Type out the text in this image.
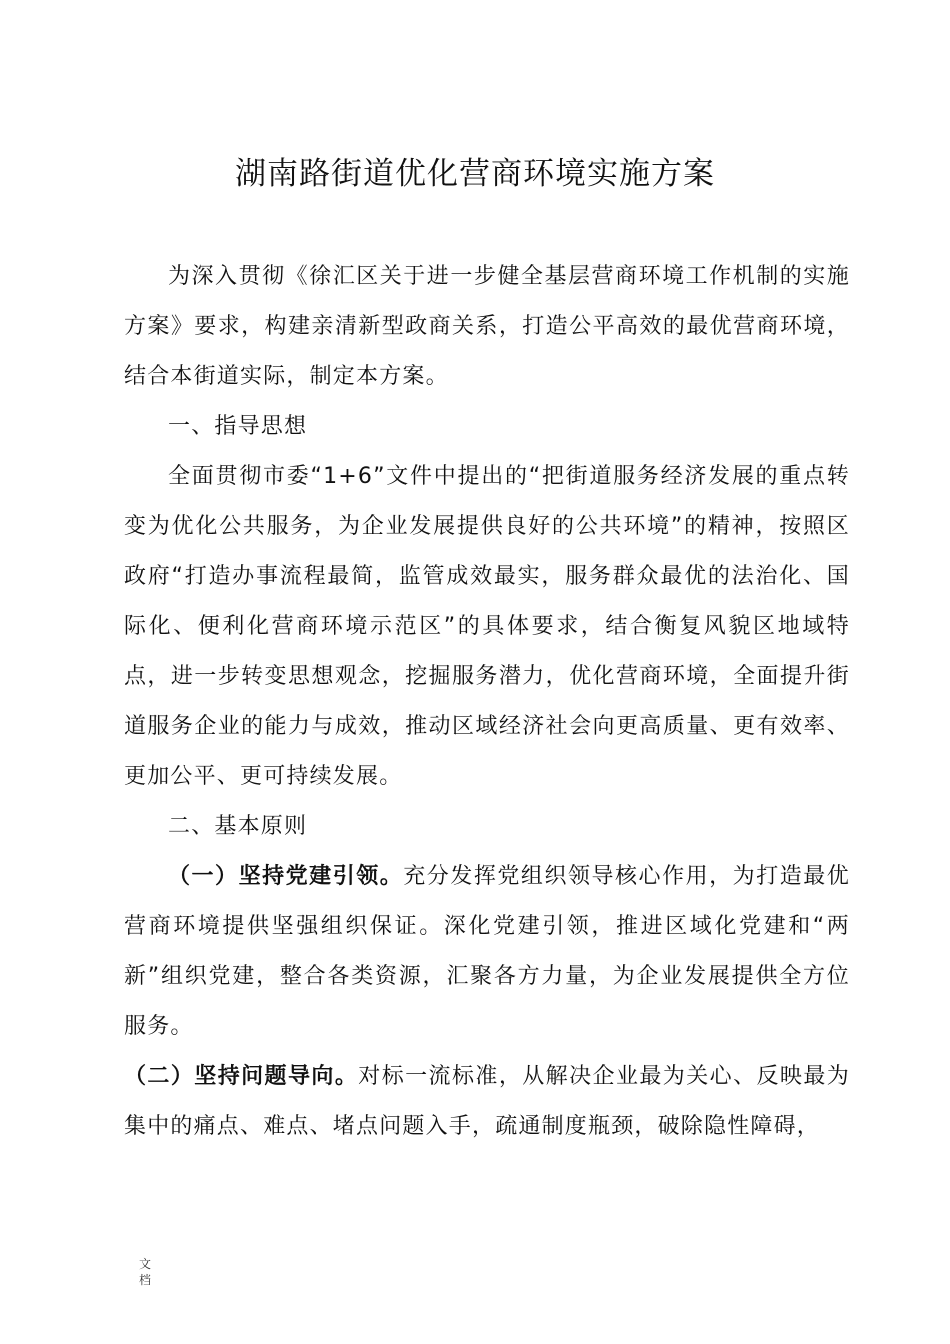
湖南路街道优化营商环境实施方案

为深入贯彻《徐汇区关于进一步健全基层营商环境工作机制的实施方案》要求，构建亲清新型政商关系，打造公平高效的最优营商环境，结合本街道实际，制定本方案。

一、指导思想

全面贯彻市委“1+6”文件中提出的“把街道服务经济发展的重点转变为优化公共服务，为企业发展提供良好的公共环境”的精神，按照区政府“打造办事流程最简，监管成效最实，服务群众最优的法治化、国际化、便利化营商环境示范区”的具体要求，结合衡复风貌区地域特点，进一步转变思想观念，挖掘服务潜力，优化营商环境，全面提升街道服务企业的能力与成效，推动区域经济社会向更高质量、更有效率、更加公平、更可持续发展。

二、基本原则

（一）坚持党建引领。充分发挥党组织领导核心作用，为打造最优营商环境提供坚强组织保证。深化党建引领，推进区域化党建和“两新”组织党建，整合各类资源，汇聚各方力量，为企业发展提供全方位服务。

（二）坚持问题导向。对标一流标准，从解决企业最为关心、反映最为集中的痛点、难点、堵点问题入手，疏通制度瓶颈，破除隐性障碍，

文档
